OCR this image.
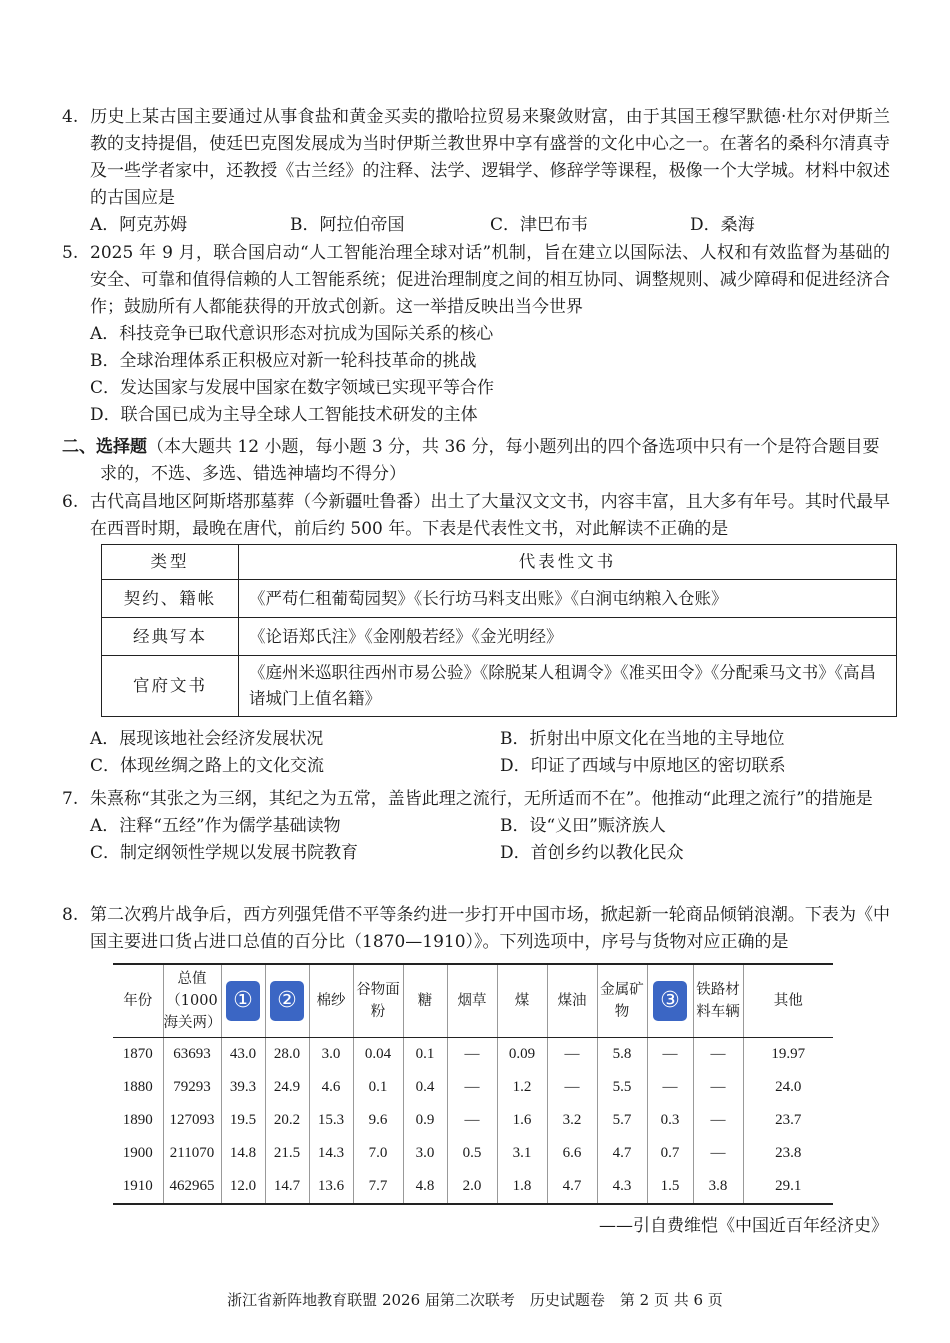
4. 历史上某古国主要通过从事食盐和黄金买卖的撒哈拉贸易来聚敛财富，由于其国王穆罕默德·杜尔对伊斯兰教的支持提倡，使廷巴克图发展成为当时伊斯兰教世界中享有盛誉的文化中心之一。在著名的桑科尔清真寺及一些学者家中，还教授《古兰经》的注释、法学、逻辑学、修辞学等课程，极像一个大学城。材料中叙述的古国应是

A．阿克苏姆	B．阿拉伯帝国	C．津巴布韦	D．桑海

5. 2025 年 9 月，联合国启动“人工智能治理全球对话”机制，旨在建立以国际法、人权和有效监督为基础的安全、可靠和值得信赖的人工智能系统；促进治理制度之间的相互协同、调整规则、减少障碍和促进经济合作；鼓励所有人都能获得的开放式创新。这一举措反映出当今世界

A．科技竞争已取代意识形态对抗成为国际关系的核心
B．全球治理体系正积极应对新一轮科技革命的挑战
C．发达国家与发展中国家在数字领域已实现平等合作
D．联合国已成为主导全球人工智能技术研发的主体

二、选择题（本大题共 12 小题，每小题 3 分，共 36 分，每小题列出的四个备选项中只有一个是符合题目要求的，不选、多选、错选神墙均不得分）

6. 古代高昌地区阿斯塔那墓葬（今新疆吐鲁番）出土了大量汉文文书，内容丰富，且大多有年号。其时代最早在西晋时期，最晚在唐代，前后约 500 年。下表是代表性文书，对此解读不正确的是

类型	代表性文书
契约、籍帐	《严苟仁租葡萄园契》《长行坊马料支出账》《白涧屯纳粮入仓账》
经典写本	《论语郑氏注》《金刚般若经》《金光明经》
官府文书	《庭州米巡职往西州市易公验》《除脱某人租调令》《准买田令》《分配乘马文书》《高昌诸城门上值名籍》
A．展现该地社会经济发展状况	B．折射出中原文化在当地的主导地位
C．体现丝绸之路上的文化交流	D．印证了西域与中原地区的密切联系

7. 朱熹称“其张之为三纲，其纪之为五常，盖皆此理之流行，无所适而不在”。他推动“此理之流行”的措施是

A．注释“五经”作为儒学基础读物	B．设“义田”赈济族人
C．制定纲领性学规以发展书院教育	D．首创乡约以教化民众

8. 第二次鸦片战争后，西方列强凭借不平等条约进一步打开中国市场，掀起新一轮商品倾销浪潮。下表为《中国主要进口货占进口总值的百分比（1870—1910）》。下列选项中，序号与货物对应正确的是

年份	总值（1000海关两）	①	②	棉纱	谷物面粉	糖	烟草	煤	煤油	金属矿物	③	铁路材料车辆	其他
1870	63693	43.0	28.0	3.0	0.04	0.1	—	0.09	—	5.8	—	—	19.97
1880	79293	39.3	24.9	4.6	0.1	0.4	—	1.2	—	5.5	—	—	24.0
1890	127093	19.5	20.2	15.3	9.6	0.9	—	1.6	3.2	5.7	0.3	—	23.7
1900	211070	14.8	21.5	14.3	7.0	3.0	0.5	3.1	6.6	4.7	0.7	—	23.8
1910	462965	12.0	14.7	13.6	7.7	4.8	2.0	1.8	4.7	4.3	1.5	3.8	29.1
——引自费维恺《中国近百年经济史》
浙江省新阵地教育联盟 2026 届第二次联考　历史试题卷　第 2 页 共 6 页
